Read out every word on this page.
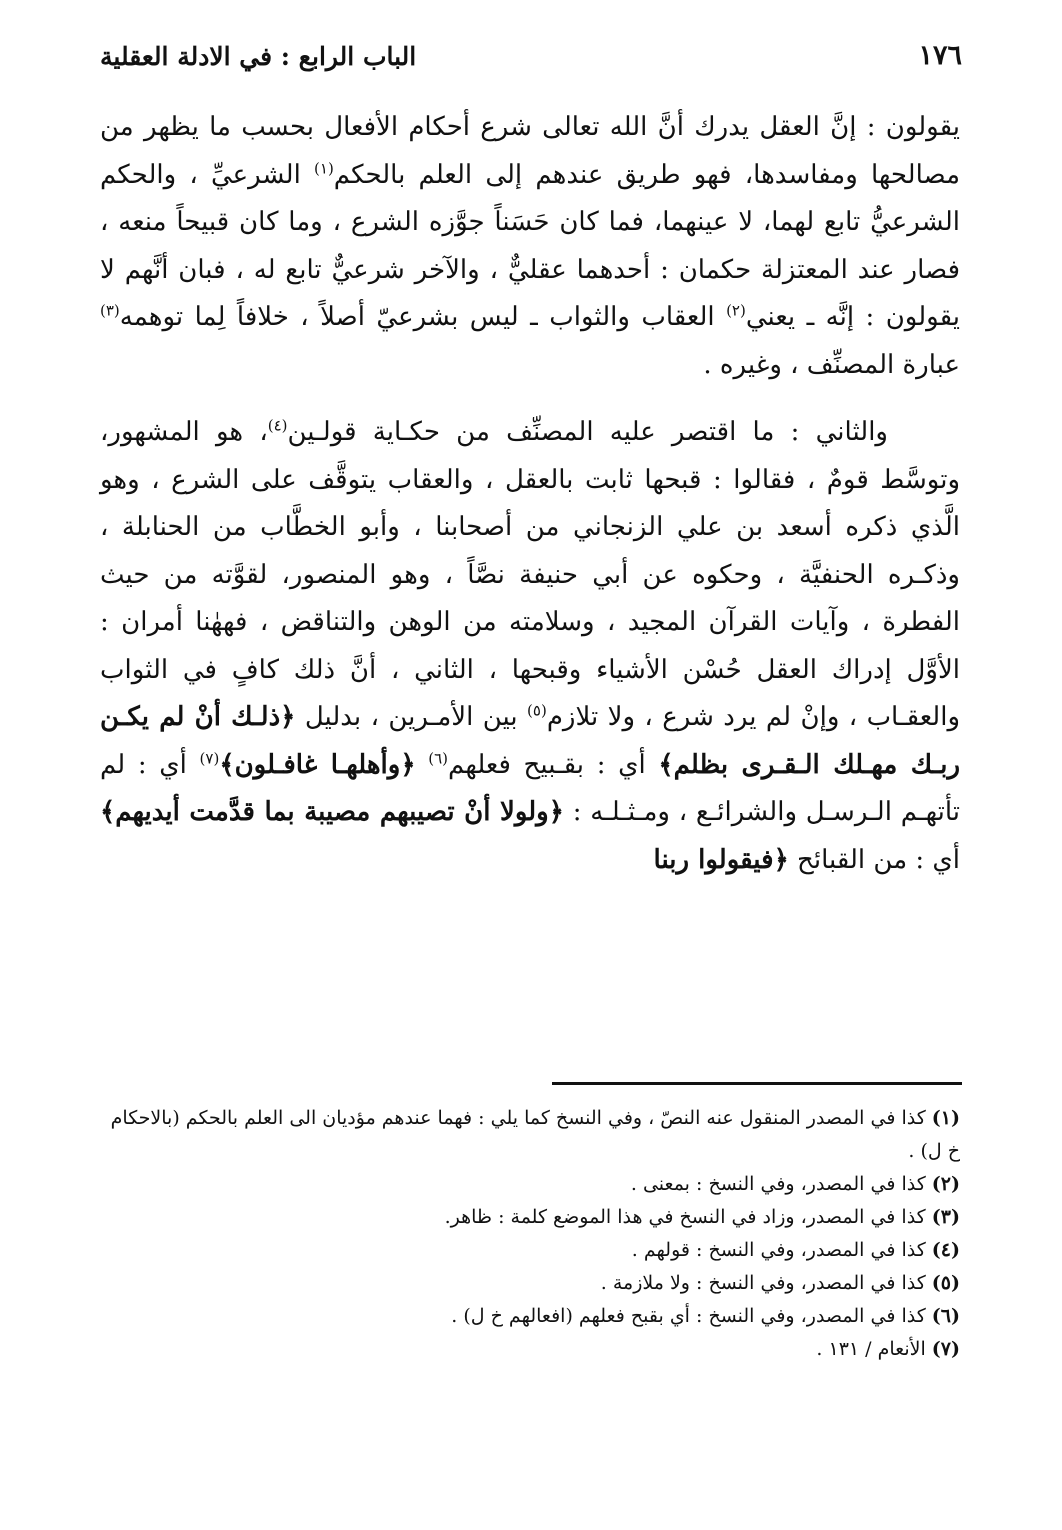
١٧٦
الباب الرابع : في الادلة العقلية

يقولون : إنَّ العقل يدرك أنَّ الله تعالى شرع أحكام الأفعال بحسب ما يظهر من مصالحها ومفاسدها، فهو طريق عندهم إلى العلم بالحكم$^{(١)}$ الشرعيِّ ، والحكم الشرعيُّ تابع لهما، لا عينهما، فما كان حَسَناً جوَّزه الشرع ، وما كان قبيحاً منعه ، فصار عند المعتزلة حكمان : أحدهما عقليٌّ ، والآخر شرعيٌّ تابع له ، فبان أنَّهم لا يقولون : إنَّه ـ يعني$^{(٢)}$ العقاب والثواب ـ ليس بشرعيّ أصلاً ، خلافاً لِما توهمه$^{(٣)}$ عبارة المصنِّف ، وغيره .

والثاني : ما اقتصر عليه المصنِّف من حكـاية قولـين$^{(٤)}$، هو المشهور، وتوسَّط قومٌ ، فقالوا : قبحها ثابت بالعقل ، والعقاب يتوقَّف على الشرع ، وهو الَّذي ذكره أسعد بن علي الزنجاني من أصحابنا ، وأبو الخطَّاب من الحنابلة ، وذكـره الحنفيَّة ، وحكوه عن أبي حنيفة نصَّاً ، وهو المنصور، لقوَّته من حيث الفطرة ، وآيات القرآن المجيد ، وسلامته من الوهن والتناقض ، فههٰنا أمران : الأوَّل إدراك العقل حُسْن الأشياء وقبحها ، الثاني ، أنَّ ذلك كافٍ في الثواب والعقـاب ، وإنْ لم يرد شرع ، ولا تلازم$^{(٥)}$ بين الأمـرين ، بدليل ﴿ذلـك أنْ لم يكـن ربـك مهـلك الـقـرى بظلم﴾ أي : بقـبيح فعلهم$^{(٦)}$ ﴿وأهلهـا غافـلون﴾$^{(٧)}$ أي : لم تأتهـم الـرسـل والشرائـع ، ومـثـلـه : ﴿ولولا أنْ تصيبهم مصيبة بما قدَّمت أيديهم﴾ أي : من القبائح ﴿فيقولوا ربنا

(١) كذا في المصدر المنقول عنه النصّ ، وفي النسخ كما يلي : فهما عندهم مؤديان الى العلم بالحكم (بالاحكام خ ل) .

(٢) كذا في المصدر، وفي النسخ : بمعنى .

(٣) كذا في المصدر، وزاد في النسخ في هذا الموضع كلمة : ظاهر.

(٤) كذا في المصدر، وفي النسخ : قولهم .

(٥) كذا في المصدر، وفي النسخ : ولا ملازمة .

(٦) كذا في المصدر، وفي النسخ : أي بقبح فعلهم (افعالهم خ ل) .

(٧) الأنعام / ١٣١ .
